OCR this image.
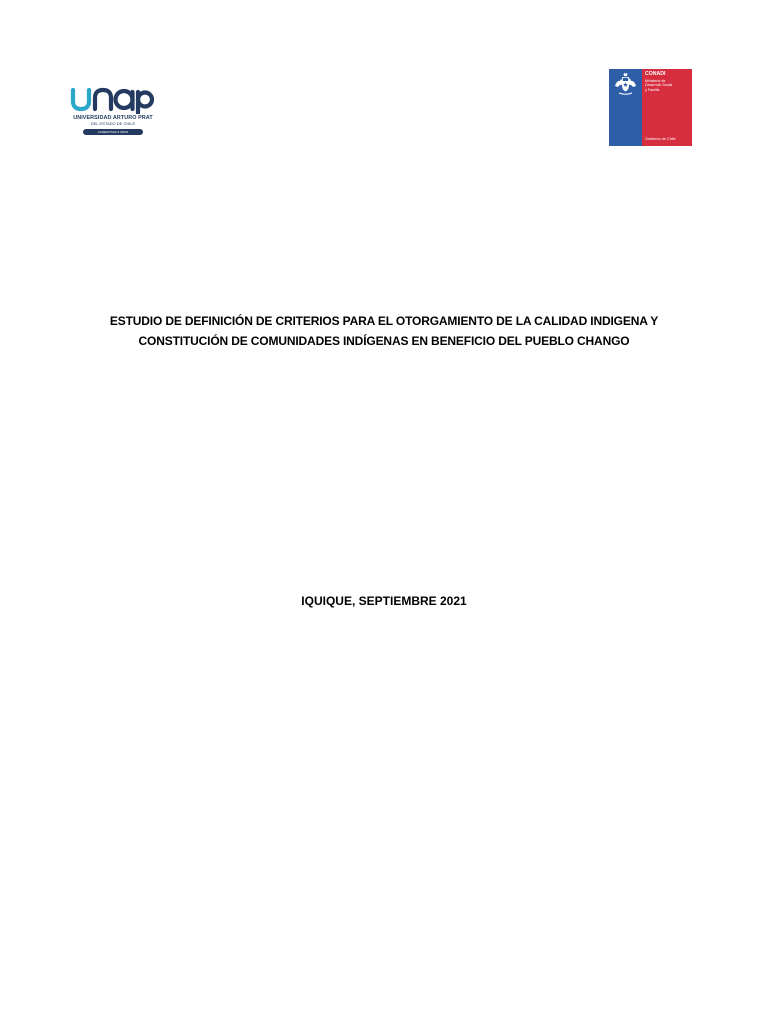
UNIVERSIDAD ARTURO PRAT
DEL ESTADO DE CHILE
ACREDITADA 5 AÑOS
CONADI
Ministerio de
Desarrollo Social
y Familia
Gobierno de Chile
ESTUDIO DE DEFINICIÓN DE CRITERIOS PARA EL OTORGAMIENTO DE LA CALIDAD INDIGENA Y
CONSTITUCIÓN DE COMUNIDADES INDÍGENAS EN BENEFICIO DEL PUEBLO CHANGO
IQUIQUE, SEPTIEMBRE 2021
